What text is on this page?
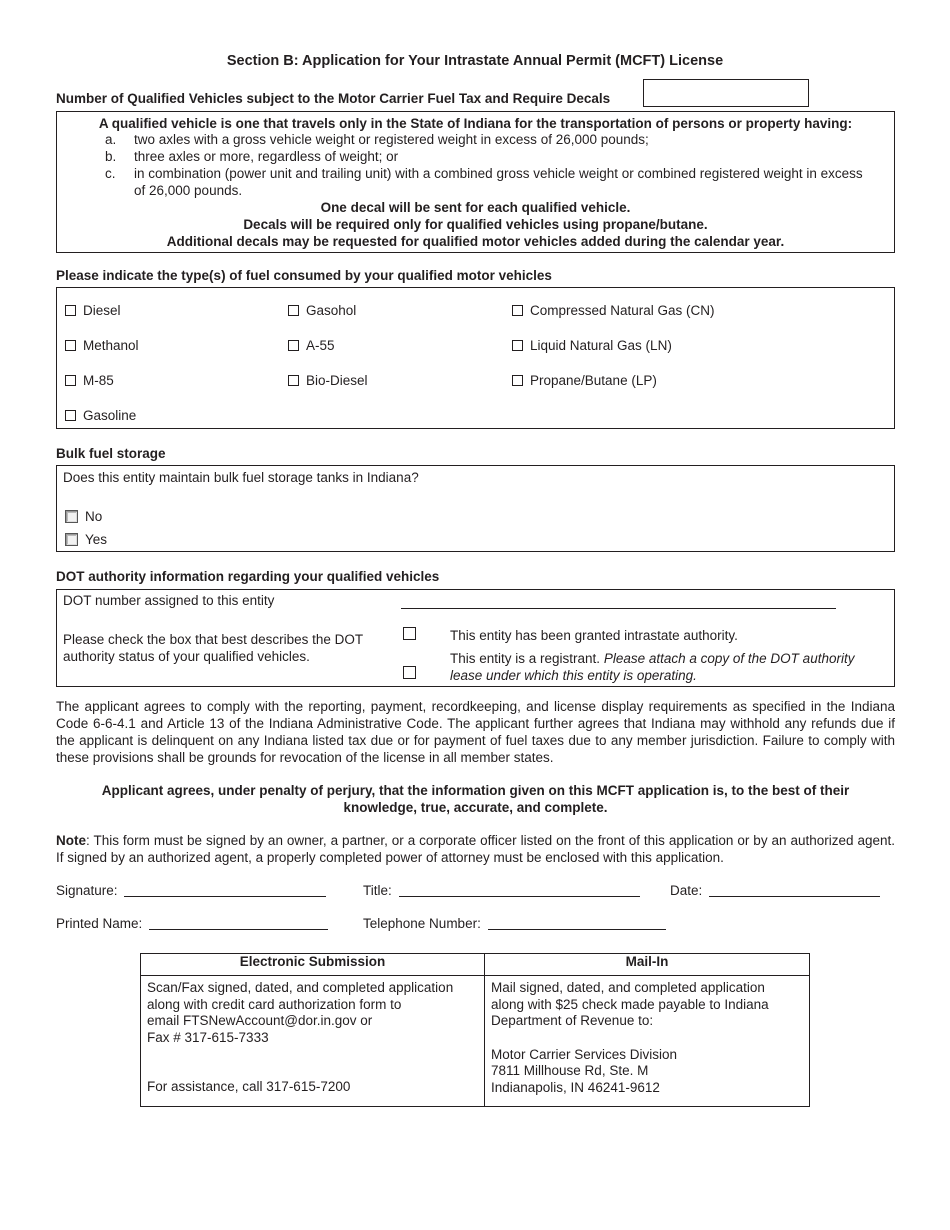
Section B: Application for Your Intrastate Annual Permit (MCFT) License
Number of Qualified Vehicles subject to the Motor Carrier Fuel Tax and Require Decals
A qualified vehicle is one that travels only in the State of Indiana for the transportation of persons or property having:
a. two axles with a gross vehicle weight or registered weight in excess of 26,000 pounds;
b. three axles or more, regardless of weight; or
c. in combination (power unit and trailing unit) with a combined gross vehicle weight or combined registered weight in excess
of 26,000 pounds.
One decal will be sent for each qualified vehicle.
Decals will be required only for qualified vehicles using propane/butane.
Additional decals may be requested for qualified motor vehicles added during the calendar year.
Please indicate the type(s) of fuel consumed by your qualified motor vehicles
Diesel	Gasohol	Compressed Natural Gas (CN)
Methanol	A-55	Liquid Natural Gas (LN)
M-85	Bio-Diesel	Propane/Butane (LP)
Gasoline
Bulk fuel storage
Does this entity maintain bulk fuel storage tanks in Indiana?
No
Yes
DOT authority information regarding your qualified vehicles
DOT number assigned to this entity
Please check the box that best describes the DOT
authority status of your qualified vehicles.
This entity has been granted intrastate authority.
This entity is a registrant. Please attach a copy of the DOT authority
lease under which this entity is operating.
The applicant agrees to comply with the reporting, payment, recordkeeping, and license display requirements as specified in the Indiana Code 6-6-4.1 and Article 13 of the Indiana Administrative Code. The applicant further agrees that Indiana may withhold any refunds due if the applicant is delinquent on any Indiana listed tax due or for payment of fuel taxes due to any member jurisdiction. Failure to comply with these provisions shall be grounds for revocation of the license in all member states.
Applicant agrees, under penalty of perjury, that the information given on this MCFT application is, to the best of their
knowledge, true, accurate, and complete.
Note: This form must be signed by an owner, a partner, or a corporate officer listed on the front of this application or by an authorized agent. If signed by an authorized agent, a properly completed power of attorney must be enclosed with this application.
Signature:	Title:	Date:
Printed Name:	Telephone Number:
Electronic Submission	Mail-In

Scan/Fax signed, dated, and completed application
along with credit card authorization form to
email FTSNewAccount@dor.in.gov or
Fax # 317-615-7333
For assistance, call 317-615-7200

Mail signed, dated, and completed application
along with $25 check made payable to Indiana
Department of Revenue to:
Motor Carrier Services Division
7811 Millhouse Rd, Ste. M
Indianapolis, IN 46241-9612
